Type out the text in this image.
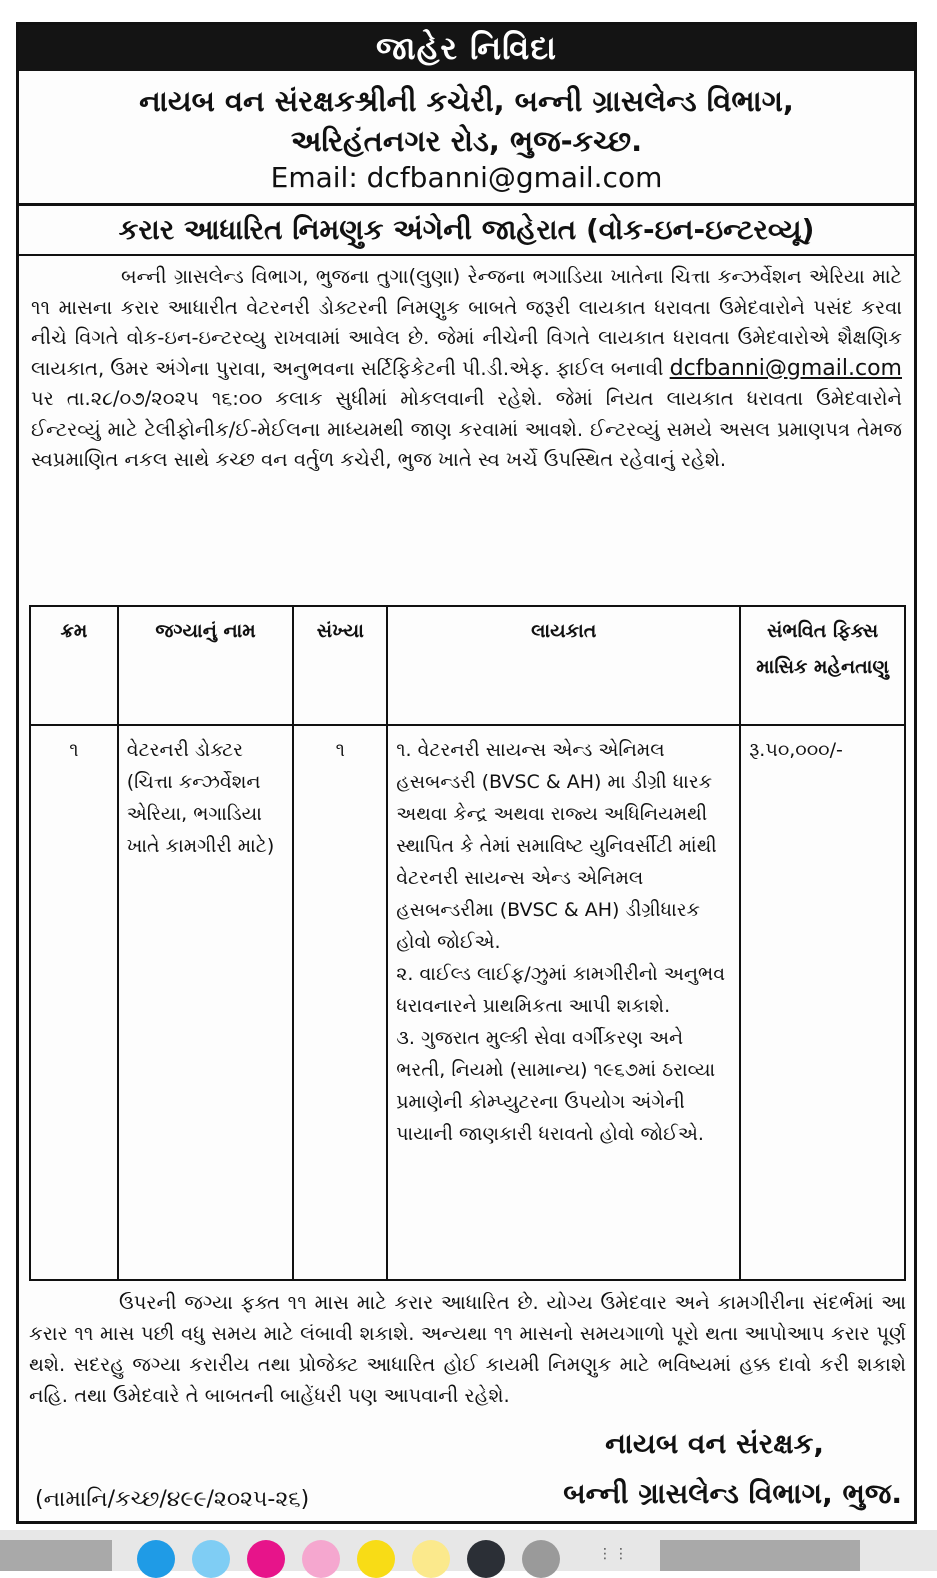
જાહેર નિવિદા
નાયબ વન સંરક્ષકશ્રીની કચેરી, બન્ની ગ્રાસલેન્ડ વિભાગ,
અરિહંતનગર રોડ, ભુજ-કચ્છ.
Email: dcfbanni@gmail.com
કરાર આધારિત નિમણુક અંગેની જાહેરાત (વોક-ઇન-ઇન્ટરવ્યૂ)
બન્ની ગ્રાસલેન્ડ વિભાગ, ભુજના તુગા(લુણા) રેન્જના ભગાડિયા ખાતેના ચિત્તા કન્ઝર્વેશન એરિયા માટે ૧૧ માસના કરાર આધારીત વેટરનરી ડોક્ટરની નિમણુક બાબતે જરૂરી લાયકાત ધરાવતા ઉમેદવારોને પસંદ કરવા નીચે વિગતે વોક-ઇન-ઇન્ટરવ્યુ રાખવામાં આવેલ છે. જેમાં નીચેની વિગતે લાયકાત ધરાવતા ઉમેદવારોએ શૈક્ષણિક લાયકાત, ઉમર અંગેના પુરાવા, અનુભવના સર્ટિફિકેટની પી.ડી.એફ. ફાઈલ બનાવી dcfbanni@gmail.com પર તા.૨૮/૦૭/૨૦૨૫ ૧૬:૦૦ કલાક સુધીમાં મોકલવાની રહેશે. જેમાં નિયત લાયકાત ધરાવતા ઉમેદવારોને ઈન્ટરવ્યું માટે ટેલીફોનીક/ઈ-મેઈલના માધ્યમથી જાણ કરવામાં આવશે. ઈન્ટરવ્યું સમયે અસલ પ્રમાણપત્ર તેમજ સ્વપ્રમાણિત નકલ સાથે કચ્છ વન વર્તુળ કચેરી, ભુજ ખાતે સ્વ ખર્ચે ઉપસ્થિત રહેવાનું રહેશે.
ક્રમ	જગ્યાનું નામ	સંખ્યા	લાયકાત	સંભવિત ફિક્સ માસિક મહેનતાણુ
૧	વેટરનરી ડોક્ટર (ચિત્તા કન્ઝર્વેશન એરિયા, ભગાડિયા ખાતે કામગીરી માટે)	૧	૧. વેટરનરી સાયન્સ એન્ડ એનિમલ હસબન્ડરી (BVSC & AH) મા ડીગ્રી ધારક અથવા કેન્દ્ર અથવા રાજ્ય અધિનિયમથી સ્થાપિત કે તેમાં સમાવિષ્ટ યુનિવર્સીટી માંથી વેટરનરી સાયન્સ એન્ડ એનિમલ હસબન્ડરીમા (BVSC & AH) ડીગ્રીધારક હોવો જોઈએ.

૨. વાઈલ્ડ લાઈફ/ઝુમાં કામગીરીનો અનુભવ ધરાવનારને પ્રાથમિકતા આપી શકાશે.

૩. ગુજરાત મુલ્કી સેવા વર્ગીકરણ અને ભરતી, નિયમો (સામાન્ય) ૧૯૬૭માં ઠરાવ્યા પ્રમાણેની કોમ્પ્યુટરના ઉપયોગ અંગેની પાયાની જાણકારી ધરાવતો હોવો જોઈએ.	રૂ.૫૦,૦૦૦/-
ઉપરની જગ્યા ફક્ત ૧૧ માસ માટે કરાર આધારિત છે. યોગ્ય ઉમેદવાર અને કામગીરીના સંદર્ભમાં આ કરાર ૧૧ માસ પછી વધુ સમય માટે લંબાવી શકાશે. અન્યથા ૧૧ માસનો સમયગાળો પૂરો થતા આપોઆપ કરાર પૂર્ણ થશે. સદરહુ જગ્યા કરારીય તથા પ્રોજેક્ટ આધારિત હોઈ કાયમી નિમણુક માટે ભવિષ્યમાં હક્ક દાવો કરી શકાશે નહિ. તથા ઉમેદવારે તે બાબતની બાહેંધરી પણ આપવાની રહેશે.
નાયબ વન સંરક્ષક,
(નામાનિ/કચ્છ/૪૯૯/૨૦૨૫-૨૬)	બન્ની ગ્રાસલેન્ડ વિભાગ, ભુજ.
⋮⋮
